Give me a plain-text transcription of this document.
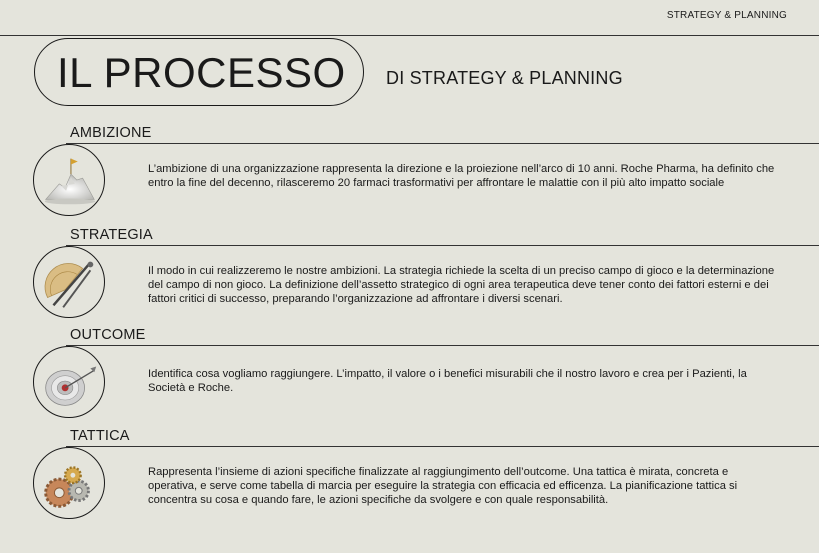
STRATEGY & PLANNING
IL PROCESSO DI STRATEGY & PLANNING
AMBIZIONE
L’ambizione di una organizzazione rappresenta la direzione e la proiezione nell’arco di 10 anni. Roche Pharma, ha definito che entro la fine del decenno, rilasceremo 20 farmaci trasformativi per affrontare le malattie con il più alto impatto sociale
STRATEGIA
Il modo in cui realizzeremo le nostre ambizioni. La strategia richiede la scelta di un preciso campo di gioco e la determinazione del campo di non gioco. La definizione dell’assetto strategico di ogni area terapeutica deve tener conto dei fattori esterni e dei fattori critici di successo, preparando l’organizzazione ad affrontare i diversi scenari.
OUTCOME
Identifica cosa vogliamo raggiungere. L’impatto, il valore o i benefici misurabili che il nostro lavoro e crea per i Pazienti, la Società e Roche.
TATTICA
Rappresenta l’insieme di azioni specifiche finalizzate al raggiungimento dell’outcome. Una tattica è mirata, concreta e operativa, e serve come tabella di marcia per eseguire la strategia con efficacia ed efficenza. La pianificazione tattica si concentra su cosa e quando fare, le azioni specifiche da svolgere e con quale responsabilità.
